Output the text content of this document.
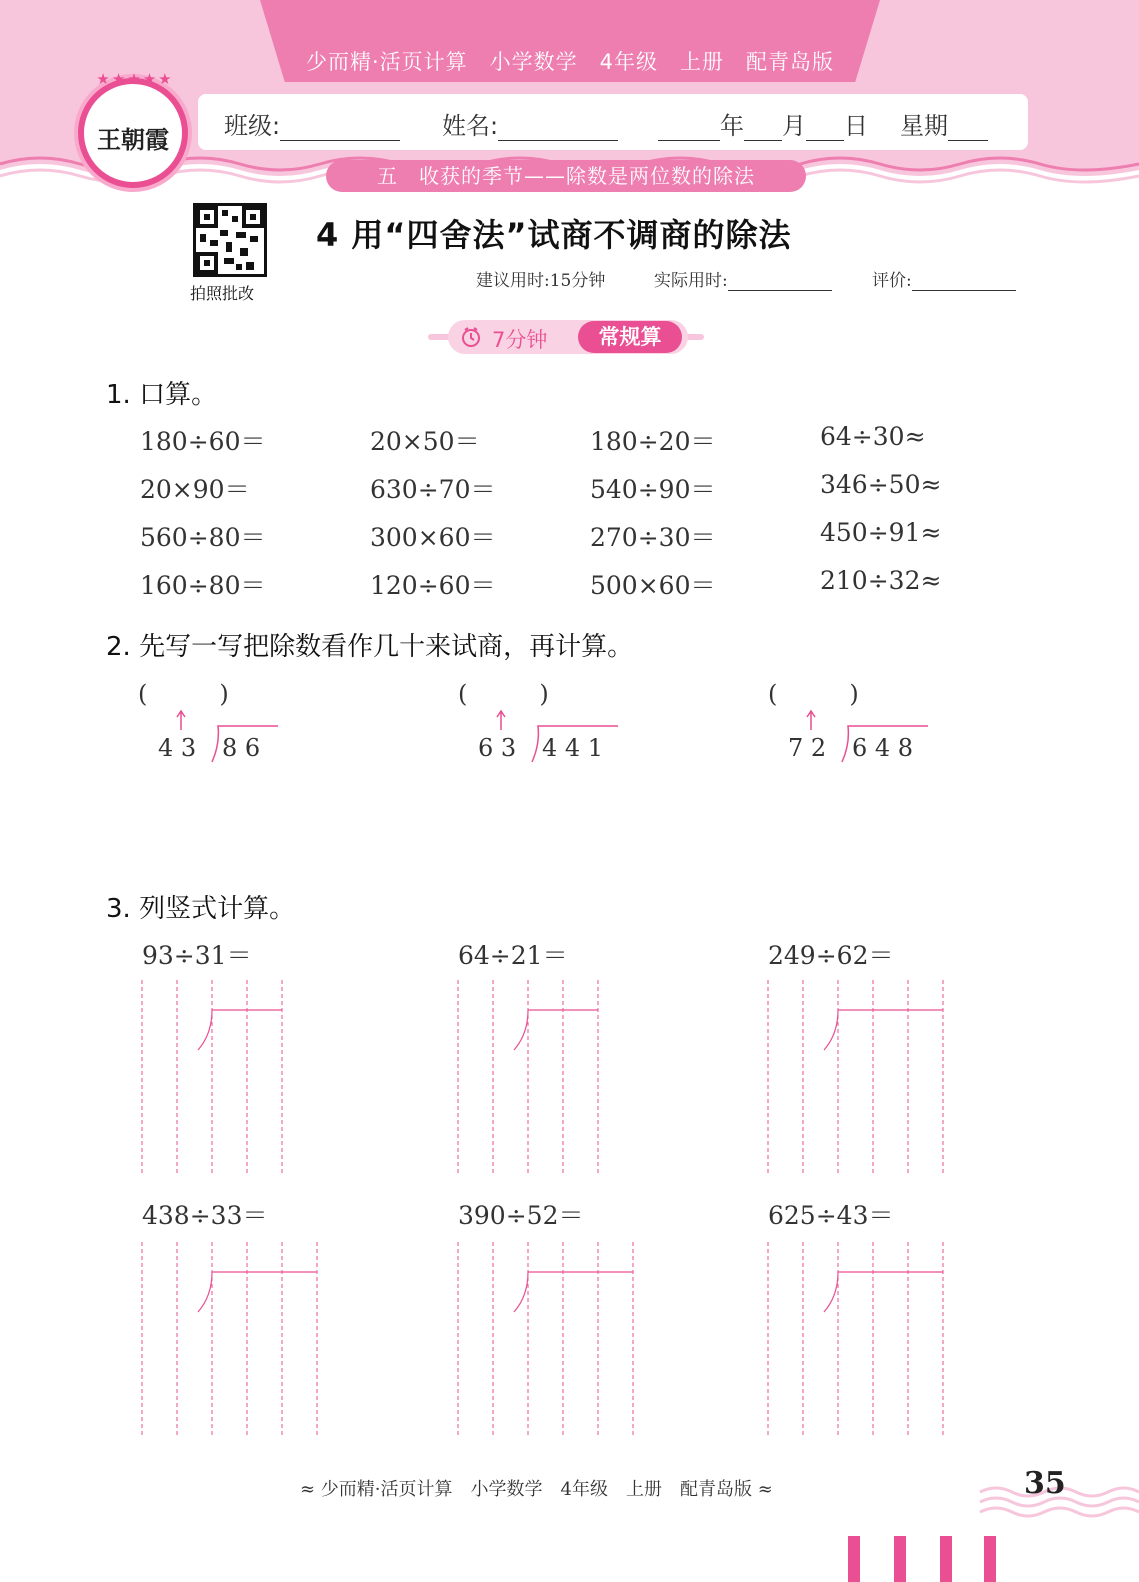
少而精·活页计算　小学数学　4年级　上册　配青岛版
★★★★★
王朝霞	班级:	姓名:	年 月 日 星期
五　收获的季节——除数是两位数的除法
拍照批改
4 用“四舍法”试商不调商的除法
建议用时:15分钟	实际用时:	评价:
7分钟	常规算
1. 口算。
180÷60＝	20×50＝	180÷20＝	64÷30≈
20×90＝	630÷70＝	540÷90＝	346÷50≈
560÷80＝	300×60＝	270÷30＝	450÷91≈
160÷80＝	120÷60＝	500×60＝	210÷32≈
2. 先写一写把除数看作几十来试商，再计算。
(　　　)
4 3 8 6
(　　　)
6 3 4 4 1
(　　　)
7 2 6 4 8
3. 列竖式计算。
93÷31＝	64÷21＝	249÷62＝
438÷33＝	390÷52＝	625÷43＝
≈ 少而精·活页计算　小学数学　4年级　上册　配青岛版 ≈	35
